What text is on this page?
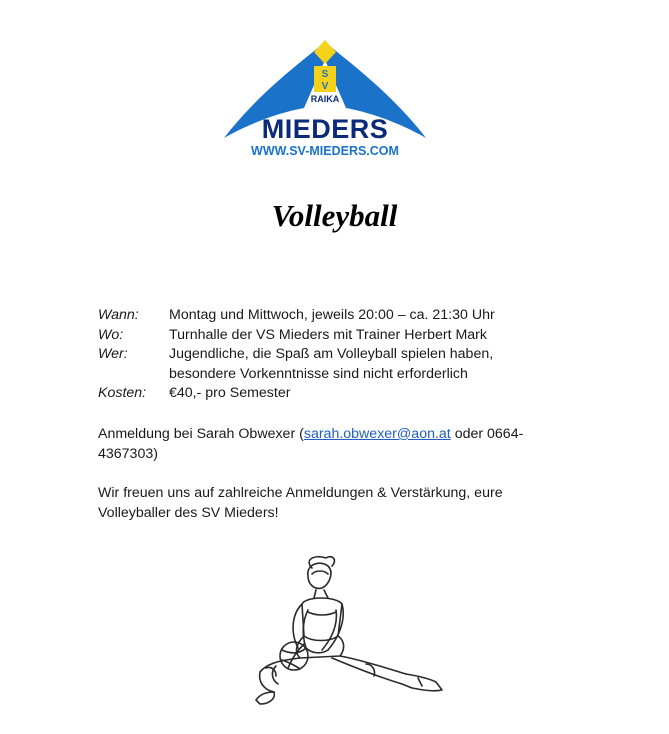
S
V
RAIKA
MIEDERS
WWW.SV-MIEDERS.COM
Volleyball
Wann:	Montag und Mittwoch, jeweils 20:00 – ca. 21:30 Uhr
Wo:	Turnhalle der VS Mieders mit Trainer Herbert Mark
Wer:	Jugendliche, die Spaß am Volleyball spielen haben,
besondere Vorkenntnisse sind nicht erforderlich
Kosten:	€40,- pro Semester
Anmeldung bei Sarah Obwexer (sarah.obwexer@aon.at oder 0664-4367303)
Wir freuen uns auf zahlreiche Anmeldungen & Verstärkung, eure Volleyballer des SV Mieders!
